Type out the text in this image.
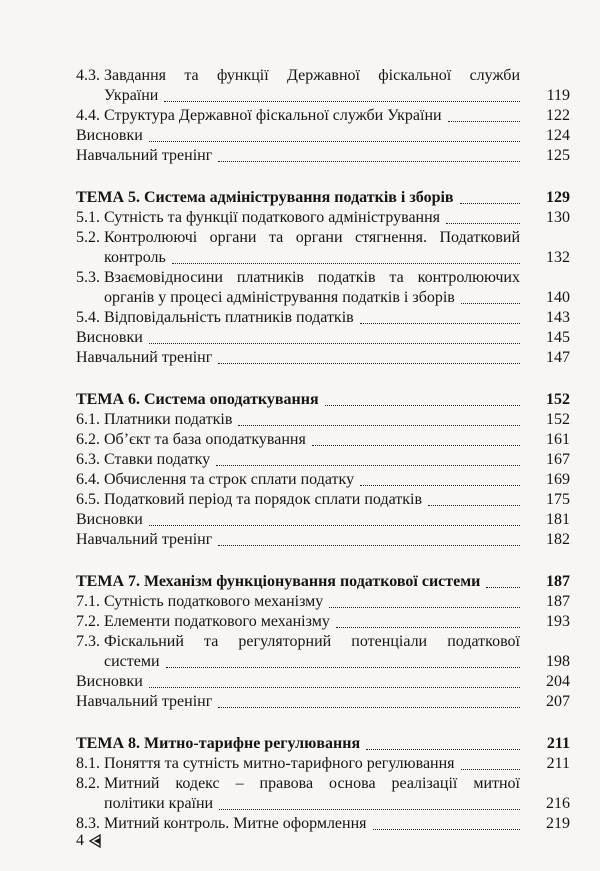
4.3. Завдання та функції Державної фіскальної служби
України	119
4.4. Структура Державної фіскальної служби України	122
Висновки	124
Навчальний тренінг	125
ТЕМА 5. Система адміністрування податків і зборів	129
5.1. Сутність та функції податкового адміністрування	130
5.2. Контролюючі органи та органи стягнення. Податковий
контроль	132
5.3. Взаємовідносини платників податків та контролюючих
органів у процесі адміністрування податків і зборів	140
5.4. Відповідальність платників податків	143
Висновки	145
Навчальний тренінг	147
ТЕМА 6. Система оподаткування	152
6.1. Платники податків	152
6.2. Об’єкт та база оподаткування	161
6.3. Ставки податку	167
6.4. Обчислення та строк сплати податку	169
6.5. Податковий період та порядок сплати податків	175
Висновки	181
Навчальний тренінг	182
ТЕМА 7. Механізм функціонування податкової системи	187
7.1. Сутність податкового механізму	187
7.2. Елементи податкового механізму	193
7.3. Фіскальний та регуляторний потенціали податкової
системи	198
Висновки	204
Навчальний тренінг	207
ТЕМА 8. Митно-тарифне регулювання	211
8.1. Поняття та сутність митно-тарифного регулювання	211
8.2. Митний кодекс – правова основа реалізації митної
політики країни	216
8.3. Митний контроль. Митне оформлення	219
4
